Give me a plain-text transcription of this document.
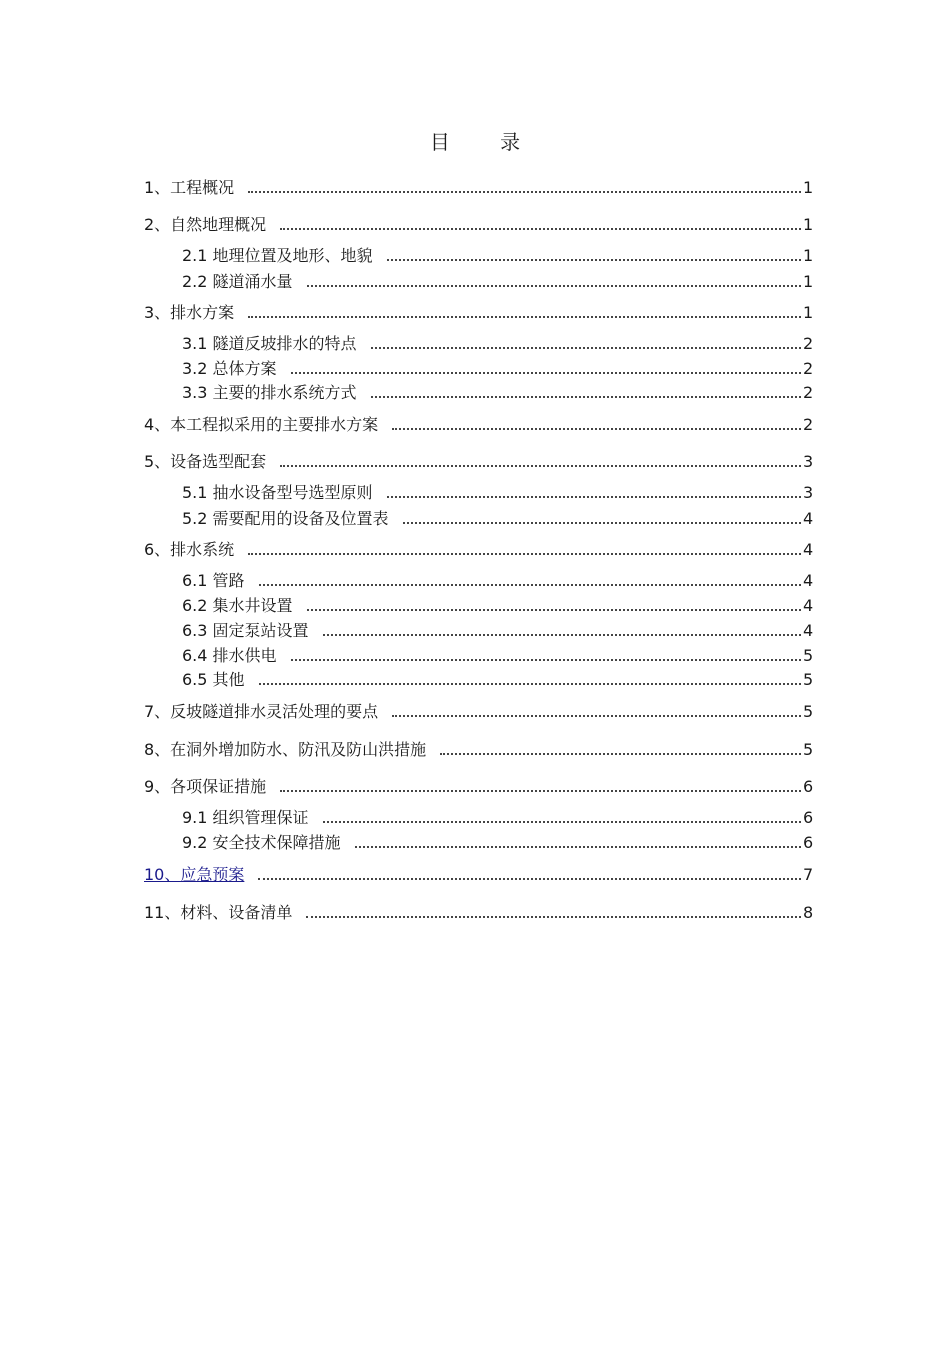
目 录
1、工程概况	1
2、自然地理概况	1
2.1 地理位置及地形、地貌	1
2.2 隧道涌水量	1
3、排水方案	1
3.1 隧道反坡排水的特点	2
3.2 总体方案	2
3.3 主要的排水系统方式	2
4、本工程拟采用的主要排水方案	2
5、设备选型配套	3
5.1 抽水设备型号选型原则	3
5.2 需要配用的设备及位置表	4
6、排水系统	4
6.1 管路	4
6.2 集水井设置	4
6.3 固定泵站设置	4
6.4 排水供电	5
6.5 其他	5
7、反坡隧道排水灵活处理的要点	5
8、在洞外增加防水、防汛及防山洪措施	5
9、各项保证措施	6
9.1 组织管理保证	6
9.2 安全技术保障措施	6
10、应急预案	7
11、材料、设备清单	8
